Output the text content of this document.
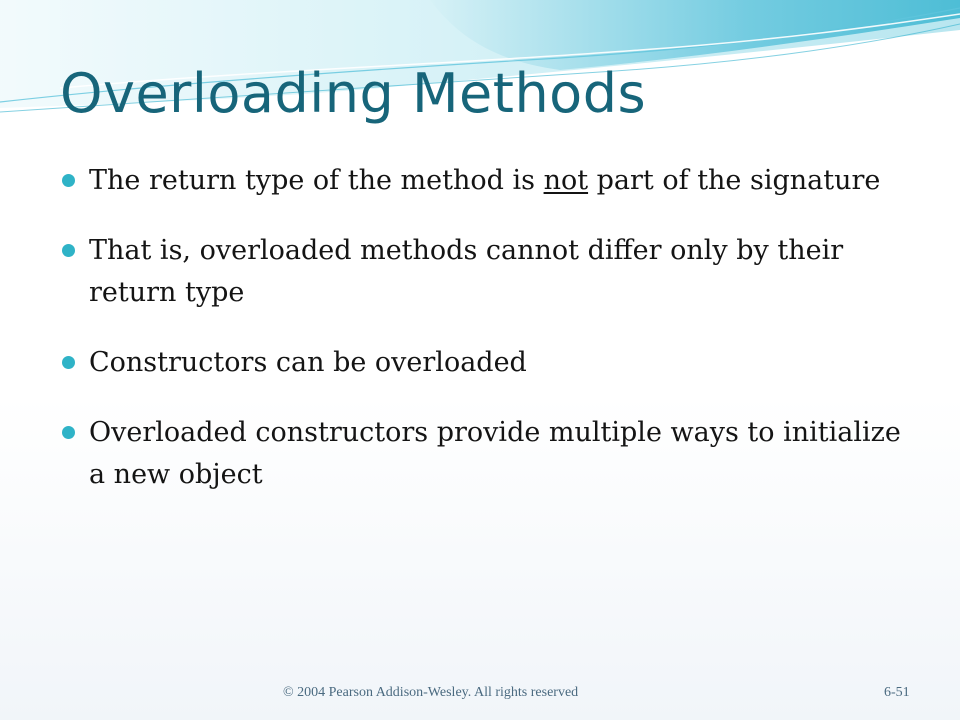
Overloading Methods
The return type of the method is not part of the signature
That is, overloaded methods cannot differ only by their return type
Constructors can be overloaded
Overloaded constructors provide multiple ways to initialize a new object
© 2004 Pearson Addison-Wesley. All rights reserved	6-51
